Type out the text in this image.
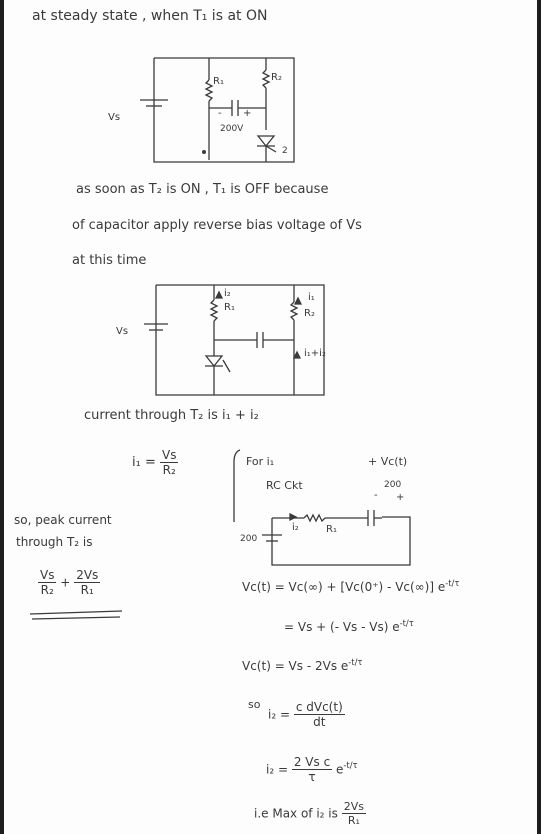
at steady state , when T₁ is at ON
Vs
R₁	R₂
- +
200V
2
as soon as T₂ is ON , T₁ is OFF because
of capacitor apply reverse bias voltage of Vs
at this time
Vs
i₂
R₁
i₁
R₂
i₁+i₂
current through T₂ is i₁ + i₂
$i_1 = \frac{Vs}{\text{R₂}}$	For i₁
RC Ckt
+ Vc(t)
-
200
+
200
i₂	R₁
so, peak current
through T₂ is
$\frac{Vs}{\text{R₂}} + \frac{2Vs}{\text{R₁}}$	Vc(t) = Vc(∞) + [Vc(0⁺) - Vc(∞)] $e^{-t/\tau}$
= Vs + (- Vs - Vs) $e^{-t/\tau}$
Vc(t) = Vs - 2Vs $e^{-t/\tau}$
so
$i_2 = \frac{\text{c dVc(t)}}{dt}$
$i_2 = \frac{\text{2 Vs c}}{\tau} e^{-t/\tau}$
i.e Max of i₂ is $\frac{2Vs}{\text{R₁}}$
